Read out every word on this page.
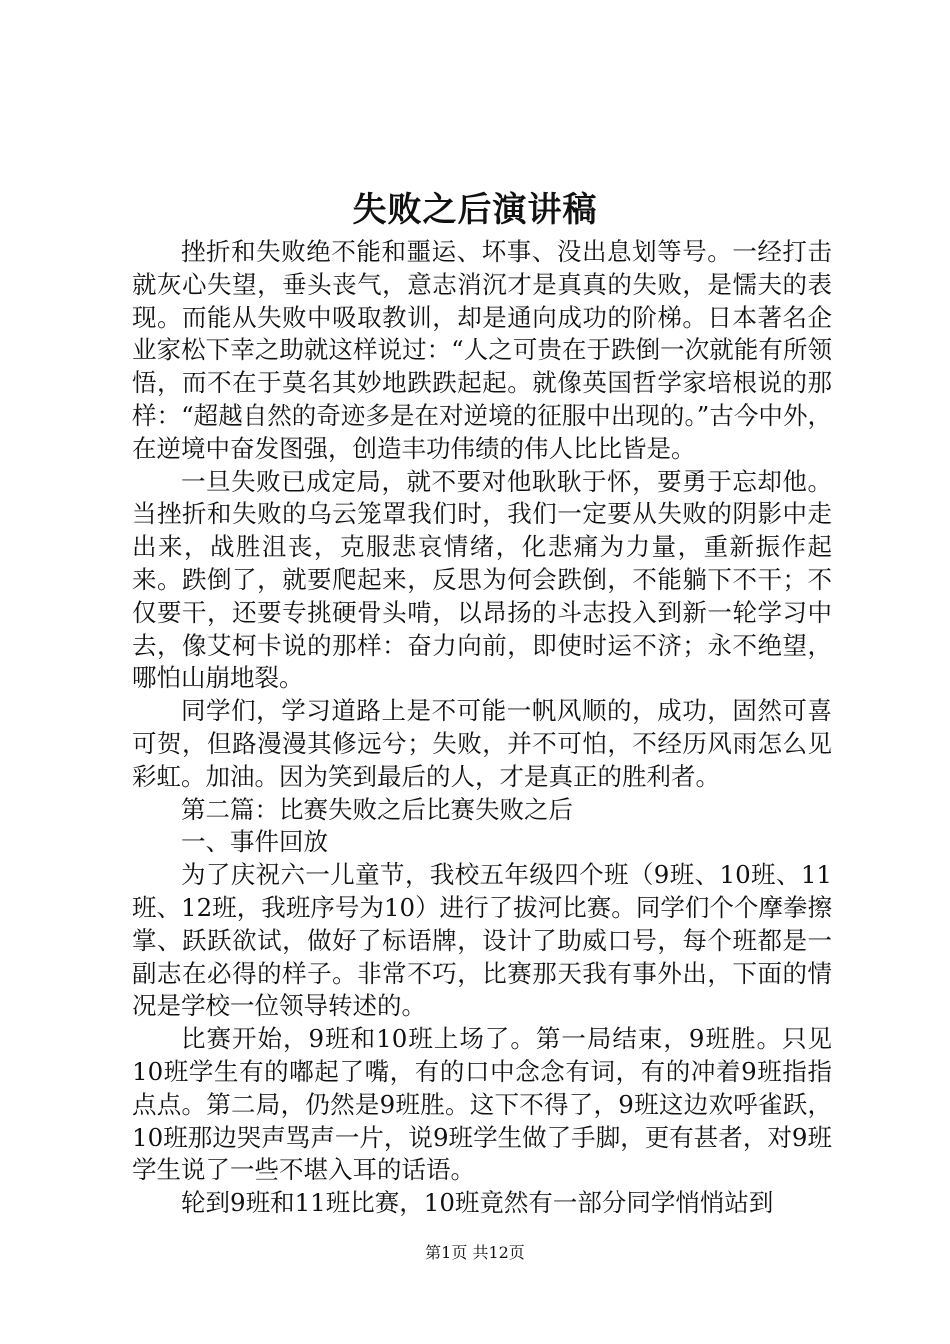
失败之后演讲稿

挫折和失败绝不能和噩运、坏事、没出息划等号。一经打击就灰心失望，垂头丧气，意志消沉才是真真的失败，是懦夫的表现。而能从失败中吸取教训，却是通向成功的阶梯。日本著名企业家松下幸之助就这样说过：“人之可贵在于跌倒一次就能有所领悟，而不在于莫名其妙地跌跌起起。就像英国哲学家培根说的那样：“超越自然的奇迹多是在对逆境的征服中出现的。”古今中外，在逆境中奋发图强，创造丰功伟绩的伟人比比皆是。

一旦失败已成定局，就不要对他耿耿于怀，要勇于忘却他。当挫折和失败的乌云笼罩我们时，我们一定要从失败的阴影中走出来，战胜沮丧，克服悲哀情绪，化悲痛为力量，重新振作起来。跌倒了，就要爬起来，反思为何会跌倒，不能躺下不干；不仅要干，还要专挑硬骨头啃，以昂扬的斗志投入到新一轮学习中去，像艾柯卡说的那样：奋力向前，即使时运不济；永不绝望，哪怕山崩地裂。

同学们，学习道路上是不可能一帆风顺的，成功，固然可喜可贺，但路漫漫其修远兮；失败，并不可怕，不经历风雨怎么见彩虹。加油。因为笑到最后的人，才是真正的胜利者。

第二篇：比赛失败之后比赛失败之后

一、事件回放

为了庆祝六一儿童节，我校五年级四个班（9班、10班、11班、12班，我班序号为10）进行了拔河比赛。同学们个个摩拳擦掌、跃跃欲试，做好了标语牌，设计了助威口号，每个班都是一副志在必得的样子。非常不巧，比赛那天我有事外出，下面的情况是学校一位领导转述的。

比赛开始，9班和10班上场了。第一局结束，9班胜。只见10班学生有的嘟起了嘴，有的口中念念有词，有的冲着9班指指点点。第二局，仍然是9班胜。这下不得了，9班这边欢呼雀跃，10班那边哭声骂声一片，说9班学生做了手脚，更有甚者，对9班学生说了一些不堪入耳的话语。

轮到9班和11班比赛，10班竟然有一部分同学悄悄站到

第1页 共12页
